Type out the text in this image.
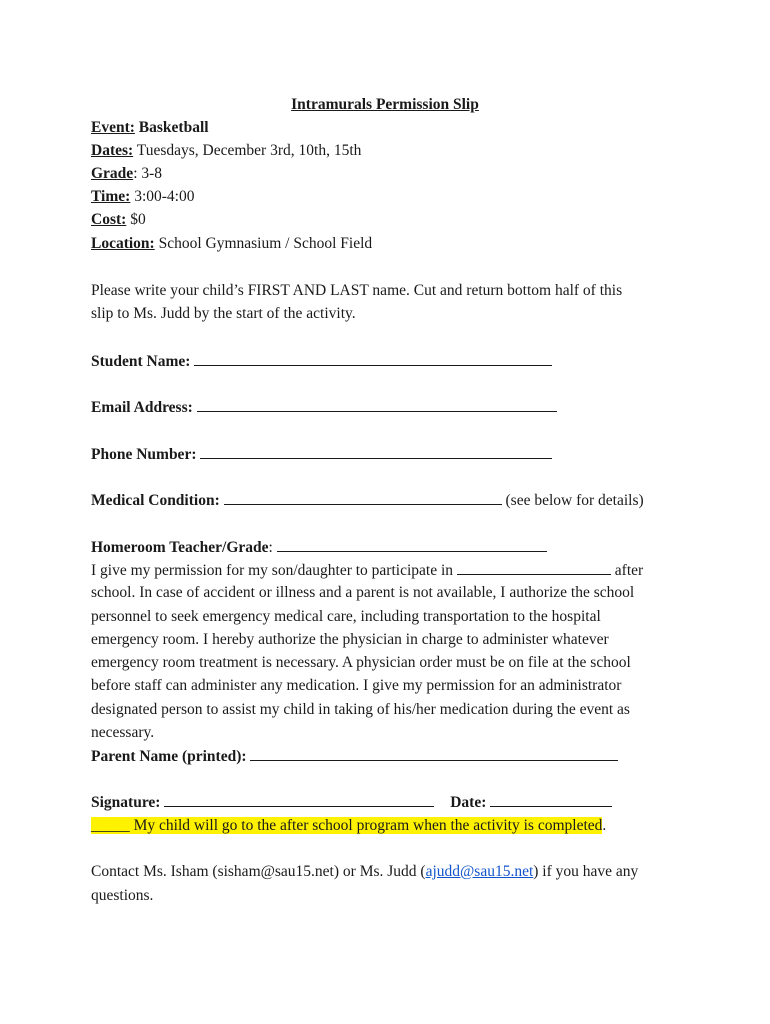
Intramurals Permission Slip
Event: Basketball
Dates: Tuesdays, December 3rd, 10th, 15th
Grade: 3-8
Time: 3:00-4:00
Cost: $0
Location: School Gymnasium / School Field
Please write your child’s FIRST AND LAST name. Cut and return bottom half of this
slip to Ms. Judd by the start of the activity.
Student Name:
Email Address:
Phone Number:
Medical Condition:	(see below for details)
Homeroom Teacher/Grade:
I give my permission for my son/daughter to participate in	after
school. In case of accident or illness and a parent is not available, I authorize the school
personnel to seek emergency medical care, including transportation to the hospital
emergency room. I hereby authorize the physician in charge to administer whatever
emergency room treatment is necessary. A physician order must be on file at the school
before staff can administer any medication. I give my permission for an administrator
designated person to assist my child in taking of his/her medication during the event as
necessary.
Parent Name (printed):
Signature:	Date:
_____ My child will go to the after school program when the activity is completed.
Contact Ms. Isham (sisham@sau15.net) or Ms. Judd (ajudd@sau15.net) if you have any
questions.
